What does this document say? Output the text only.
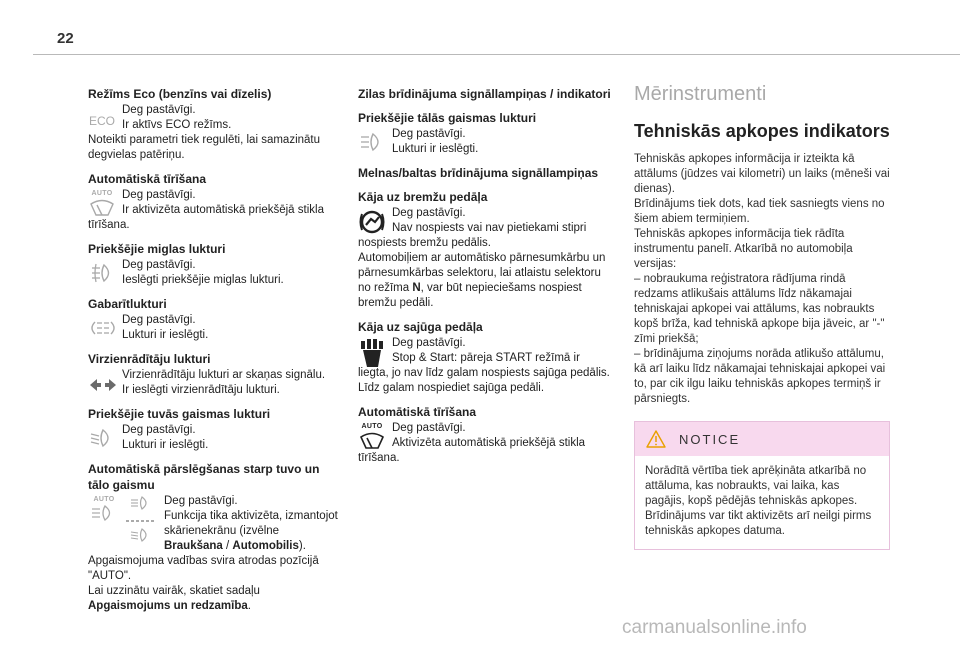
22
Režīms Eco (benzīns vai dīzelis)
ECO
Deg pastāvīgi.
Ir aktīvs ECO režīms.
Noteikti parametri tiek regulēti, lai samazinātu degvielas patēriņu.
Automātiskā tīrīšana
AUTO Deg pastāvīgi.
Ir aktivizēta automātiskā priekšējā stikla tīrīšana.
Priekšējie miglas lukturi
Deg pastāvīgi.
Ieslēgti priekšējie miglas lukturi.
Gabarītlukturi
Deg pastāvīgi.
Lukturi ir ieslēgti.
Virzienrādītāju lukturi
Virzienrādītāju lukturi ar skaņas signālu.
Ir ieslēgti virzienrādītāju lukturi.
Priekšējie tuvās gaismas lukturi
Deg pastāvīgi.
Lukturi ir ieslēgti.
Automātiskā pārslēgšanas starp tuvo un tālo gaismu
AUTO	Deg pastāvīgi.
Funkcija tika aktivizēta, izmantojot skārienekrānu (izvēlne Braukšana / Automobilis).
Apgaismojuma vadības svira atrodas pozīcijā "AUTO".
Lai uzzinātu vairāk, skatiet sadaļu
Apgaismojums un redzamība.
Zilas brīdinājuma signāllampiņas / indikatori
Priekšējie tālās gaismas lukturi
Deg pastāvīgi.
Lukturi ir ieslēgti.
Melnas/baltas brīdinājuma signāllampiņas
Kāja uz bremžu pedāļa
Deg pastāvīgi.
Nav nospiests vai nav pietiekami stipri nospiests bremžu pedālis.
Automobiļiem ar automātisko pārnesumkārbu un pārnesumkārbas selektoru, lai atlaistu selektoru no režīma N, var būt nepieciešams nospiest bremžu pedāli.
Kāja uz sajūga pedāļa
Deg pastāvīgi.
Stop & Start: pāreja START režīmā ir liegta, jo nav līdz galam nospiests sajūga pedālis.
Līdz galam nospiediet sajūga pedāli.
Automātiskā tīrīšana
AUTO Deg pastāvīgi.
Aktivizēta automātiskā priekšējā stikla tīrīšana.
Mērinstrumenti
Tehniskās apkopes indikators
Tehniskās apkopes informācija ir izteikta kā attālums (jūdzes vai kilometri) un laiks (mēneši vai dienas).
Brīdinājums tiek dots, kad tiek sasniegts viens no šiem abiem termiņiem.
Tehniskās apkopes informācija tiek rādīta instrumentu panelī. Atkarībā no automobiļa versijas:
– nobraukuma reģistratora rādījuma rindā redzams atlikušais attālums līdz nākamajai tehniskajai apkopei vai attālums, kas nobraukts kopš brīža, kad tehniskā apkope bija jāveic, ar "-" zīmi priekšā;
– brīdinājuma ziņojums norāda atlikušo attālumu, kā arī laiku līdz nākamajai tehniskajai apkopei vai to, par cik ilgu laiku tehniskās apkopes termiņš ir pārsniegts.
NOTICE
Norādītā vērtība tiek aprēķināta atkarībā no attāluma, kas nobraukts, vai laika, kas pagājis, kopš pēdējās tehniskās apkopes. Brīdinājums var tikt aktivizēts arī neilgi pirms tehniskās apkopes datuma.
carmanualsonline.info
